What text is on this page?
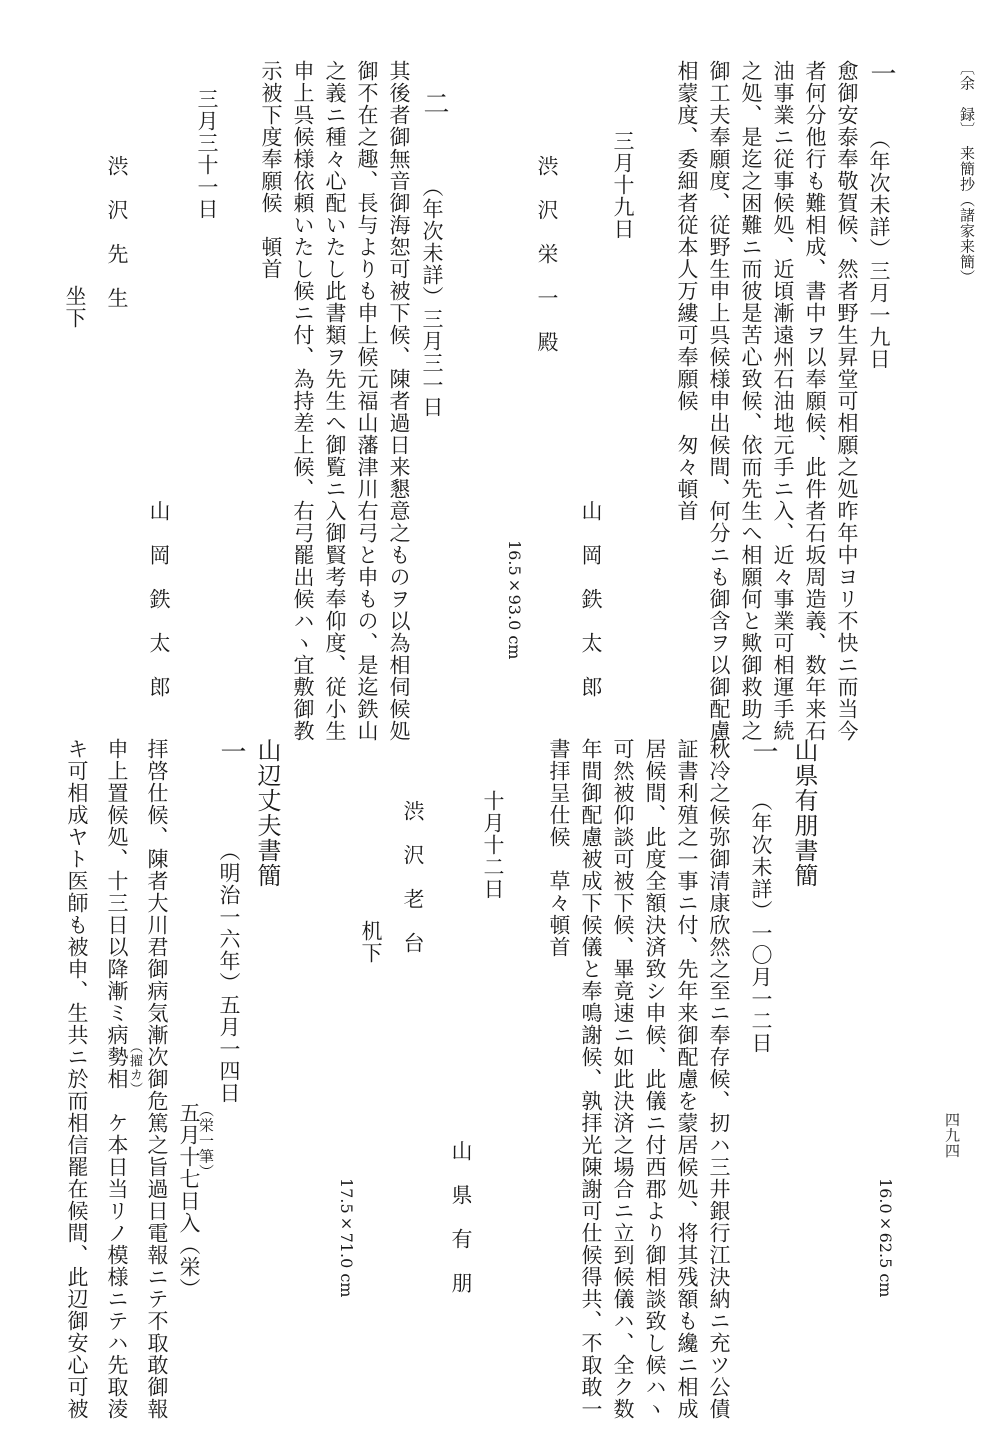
〔余　録〕　来簡抄（諸家来簡）
四九四
一
（年次未詳）三月一九日
愈御安泰奉敬賀候、然者野生昇堂可相願之処昨年中ヨリ不快ニ而当今
者何分他行も難相成、書中ヲ以奉願候、此件者石坂周造義、数年来石
油事業ニ従事候処、近頃漸遠州石油地元手ニ入、近々事業可相運手続
之処、是迄之困難ニ而彼是苦心致候、依而先生へ相願何と歟御救助之
御工夫奉願度、従野生申上呉候様申出候間、何分ニも御含ヲ以御配慮
相蒙度、委細者従本人万縷可奉願候　匆々頓首
三月十九日
山　岡　鉄　太　郎
渋　沢　栄　一　殿
16.5×93.0 cm
二
（年次未詳）三月三一日
其後者御無音御海恕可被下候、陳者過日来懇意之ものヲ以為相伺候処
御不在之趣、長与よりも申上候元福山藩津川右弓と申もの、是迄鉄山
之義ニ種々心配いたし此書類ヲ先生へ御覧ニ入御賢考奉仰度、従小生
申上呉候様依頼いたし候ニ付、為持差上候、右弓罷出候ハヽ宜敷御教
示被下度奉願候　頓首
三月三十一日
山　岡　鉄　太　郎
渋　沢　先　生
坐下
山県有朋書簡
一
（年次未詳）一〇月一二日
秋冷之候弥御清康欣然之至ニ奉存候、扨ハ三井銀行江決納ニ充ツ公債
証書利殖之一事ニ付、先年来御配慮を蒙居候処、将其残額も纔ニ相成
居候間、此度全額決済致シ申候、此儀ニ付西郡より御相談致し候ハヽ
可然被仰談可被下候、畢竟速ニ如此決済之場合ニ立到候儀ハ、全ク数
年間御配慮被成下候儀と奉鳴謝候、孰拝光陳謝可仕候得共、不取敢一
書拝呈仕候　草々頓首
十月十二日
山　県　有　朋
渋　沢　老　台
机下
16.0×62.5 cm
山辺丈夫書簡
一
（明治一六年）五月一四日
（栄一筆）
五月十七日入（栄）	17.5×71.0 cm
拝啓仕候、陳者大川君御病気漸次御危篤之旨過日電報ニテ不取敢御報
（擢カ）
申上置候処、十三日以降漸ミ病勢相　ケ本日当リノ模様ニテハ先取淩
キ可相成ヤト医師も被申、生共ニ於而相信罷在候間、此辺御安心可被
